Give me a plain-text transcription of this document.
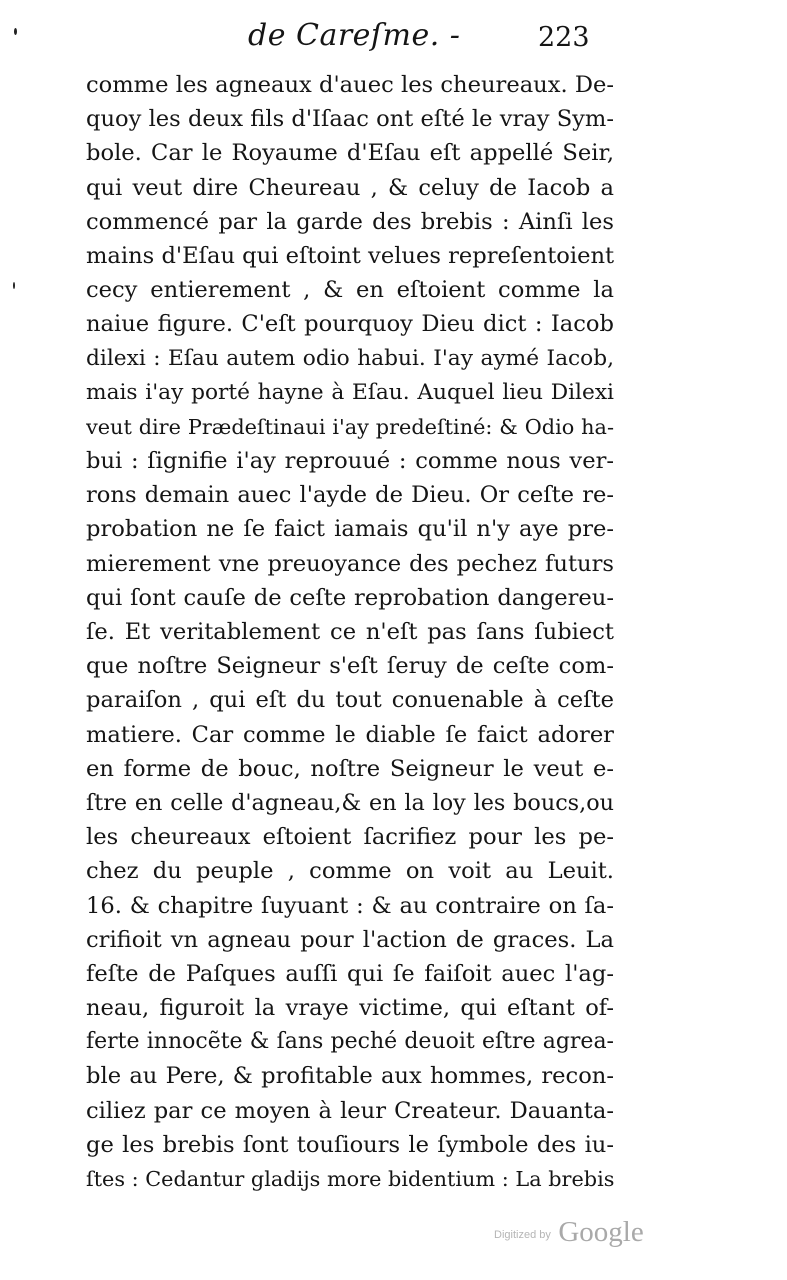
de Careſme. -	223
comme les agneaux d'auec les cheureaux. De-
quoy les deux fils d'Iſaac ont eſté le vray Sym-
bole. Car le Royaume d'Eſau eſt appellé Seir,
qui veut dire Cheureau , & celuy de Iacob a
commencé par la garde des brebis : Ainſi les
mains d'Eſau qui eſtoint velues repreſentoient
cecy entierement , & en eſtoient comme la
naiue figure. C'eſt pourquoy Dieu dict : Iacob
dilexi : Eſau autem odio habui. I'ay aymé Iacob,
mais i'ay porté hayne à Eſau. Auquel lieu Dilexi
veut dire Prædeſtinaui i'ay predeſtiné: & Odio ha-
bui : ſignifie i'ay reprouué : comme nous ver-
rons demain auec l'ayde de Dieu. Or ceſte re-
probation ne ſe faict iamais qu'il n'y aye pre-
mierement vne preuoyance des pechez futurs
qui ſont cauſe de ceſte reprobation dangereu-
ſe. Et veritablement ce n'eſt pas ſans ſubiect
que noſtre Seigneur s'eſt ſeruy de ceſte com-
paraiſon , qui eſt du tout conuenable à ceſte
matiere. Car comme le diable ſe faict adorer
en forme de bouc, noſtre Seigneur le veut e-
ſtre en celle d'agneau,& en la loy les boucs,ou
les cheureaux eſtoient ſacrifiez pour les pe-
chez du peuple , comme on voit au Leuit.
16. & chapitre ſuyuant : & au contraire on ſa-
crifioit vn agneau pour l'action de graces. La
feſte de Paſques auſſi qui ſe faiſoit auec l'ag-
neau, figuroit la vraye victime, qui eſtant of-
ferte innocẽte & ſans peché deuoit eſtre agrea-
ble au Pere, & profitable aux hommes, recon-
ciliez par ce moyen à leur Createur. Dauanta-
ge les brebis ſont touſiours le ſymbole des iu-
ſtes : Cedantur gladijs more bidentium : La brebis
Digitized by Google
